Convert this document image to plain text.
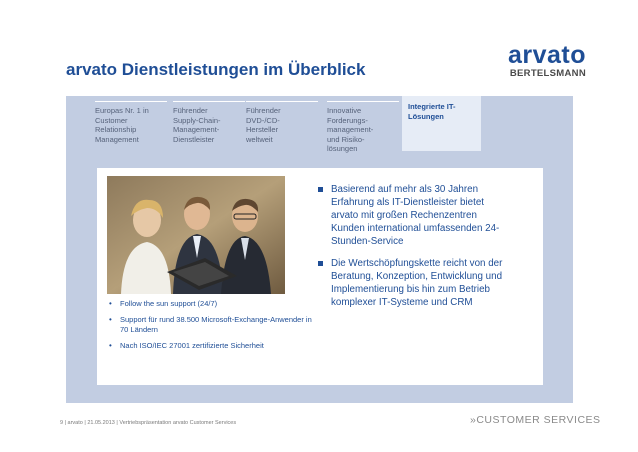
arvato Dienstleistungen im Überblick
arvato
BERTELSMANN
Europas Nr. 1 in
Customer
Relationship
Management
Führender
Supply-Chain-
Management-
Dienstleister
Führender
DVD-/CD-
Hersteller
weltweit
Innovative
Forderungs-
management-
und Risiko-
lösungen
Integrierte IT-
Lösungen
• Follow the sun support (24/7)
• Support für rund 38.500 Microsoft-Exchange-Anwender in 70 Ländern
• Nach ISO/IEC 27001 zertifizierte Sicherheit
Basierend auf mehr als 30 Jahren Erfahrung als IT-Dienstleister bietet arvato mit großen Rechenzentren Kunden international umfassenden 24-Stunden-Service
Die Wertschöpfungskette reicht von der Beratung, Konzeption, Entwicklung und Implementierung bis hin zum Betrieb komplexer IT-Systeme und CRM
9 | arvato | 21.05.2013 | Vertriebspräsentation arvato Customer Services	»CUSTOMER SERVICES
